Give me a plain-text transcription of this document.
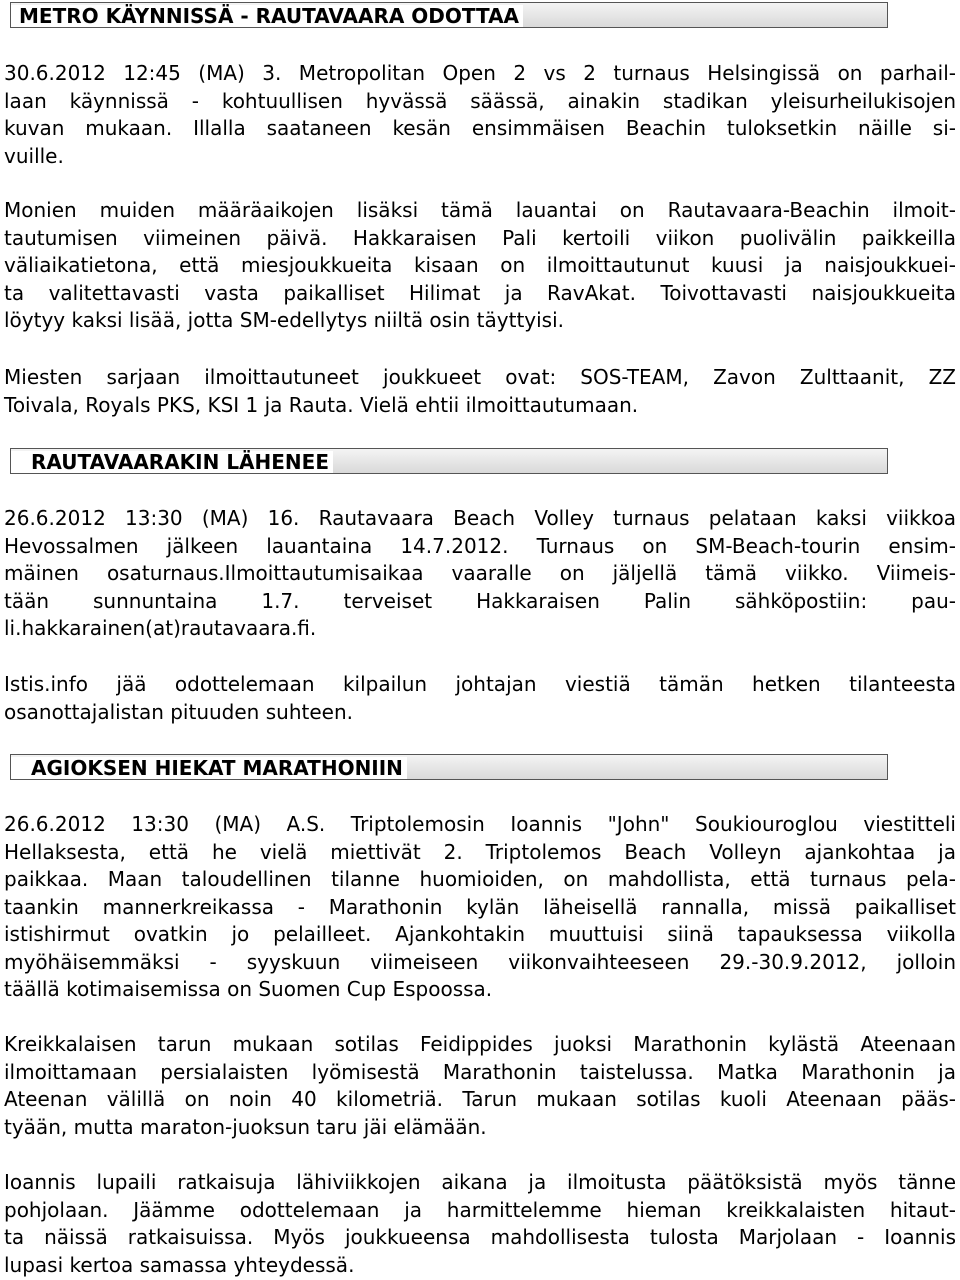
METRO KÄYNNISSÄ - RAUTAVAARA ODOTTAA
30.6.2012 12:45 (MA) 3. Metropolitan Open 2 vs 2 turnaus Helsingissä on parhail-
laan käynnissä - kohtuullisen hyvässä säässä, ainakin stadikan yleisurheilukisojen
kuvan mukaan. Illalla saataneen kesän ensimmäisen Beachin tuloksetkin näille si-
vuille.
Monien muiden määräaikojen lisäksi tämä lauantai on Rautavaara-Beachin ilmoit-
tautumisen viimeinen päivä. Hakkaraisen Pali kertoili viikon puolivälin paikkeilla
väliaikatietona, että miesjoukkueita kisaan on ilmoittautunut kuusi ja naisjoukkuei-
ta valitettavasti vasta paikalliset Hilimat ja RavAkat. Toivottavasti naisjoukkueita
löytyy kaksi lisää, jotta SM-edellytys niiltä osin täyttyisi.
Miesten sarjaan ilmoittautuneet joukkueet ovat: SOS-TEAM, Zavon Zulttaanit, ZZ
Toivala, Royals PKS, KSI 1 ja Rauta. Vielä ehtii ilmoittautumaan.
RAUTAVAARAKIN LÄHENEE
26.6.2012 13:30 (MA) 16. Rautavaara Beach Volley turnaus pelataan kaksi viikkoa
Hevossalmen jälkeen lauantaina 14.7.2012. Turnaus on SM-Beach-tourin ensim-
mäinen osaturnaus.Ilmoittautumisaikaa vaaralle on jäljellä tämä viikko. Viimeis-
tään sunnuntaina 1.7. terveiset Hakkaraisen Palin sähköpostiin: pau-
li.hakkarainen(at)rautavaara.fi.
Istis.info jää odottelemaan kilpailun johtajan viestiä tämän hetken tilanteesta
osanottajalistan pituuden suhteen.
AGIOKSEN HIEKAT MARATHONIIN
26.6.2012 13:30 (MA) A.S. Triptolemosin Ioannis "John" Soukiouroglou viestitteli
Hellaksesta, että he vielä miettivät 2. Triptolemos Beach Volleyn ajankohtaa ja
paikkaa. Maan taloudellinen tilanne huomioiden, on mahdollista, että turnaus pela-
taankin mannerkreikassa - Marathonin kylän läheisellä rannalla, missä paikalliset
istishirmut ovatkin jo pelailleet. Ajankohtakin muuttuisi siinä tapauksessa viikolla
myöhäisemmäksi - syyskuun viimeiseen viikonvaihteeseen 29.-30.9.2012, jolloin
täällä kotimaisemissa on Suomen Cup Espoossa.
Kreikkalaisen tarun mukaan sotilas Feidippides juoksi Marathonin kylästä Ateenaan
ilmoittamaan persialaisten lyömisestä Marathonin taistelussa. Matka Marathonin ja
Ateenan välillä on noin 40 kilometriä. Tarun mukaan sotilas kuoli Ateenaan pääs-
tyään, mutta maraton-juoksun taru jäi elämään.
Ioannis lupaili ratkaisuja lähiviikkojen aikana ja ilmoitusta päätöksistä myös tänne
pohjolaan. Jäämme odottelemaan ja harmittelemme hieman kreikkalaisten hitaut-
ta näissä ratkaisuissa. Myös joukkueensa mahdollisesta tulosta Marjolaan - Ioannis
lupasi kertoa samassa yhteydessä.
